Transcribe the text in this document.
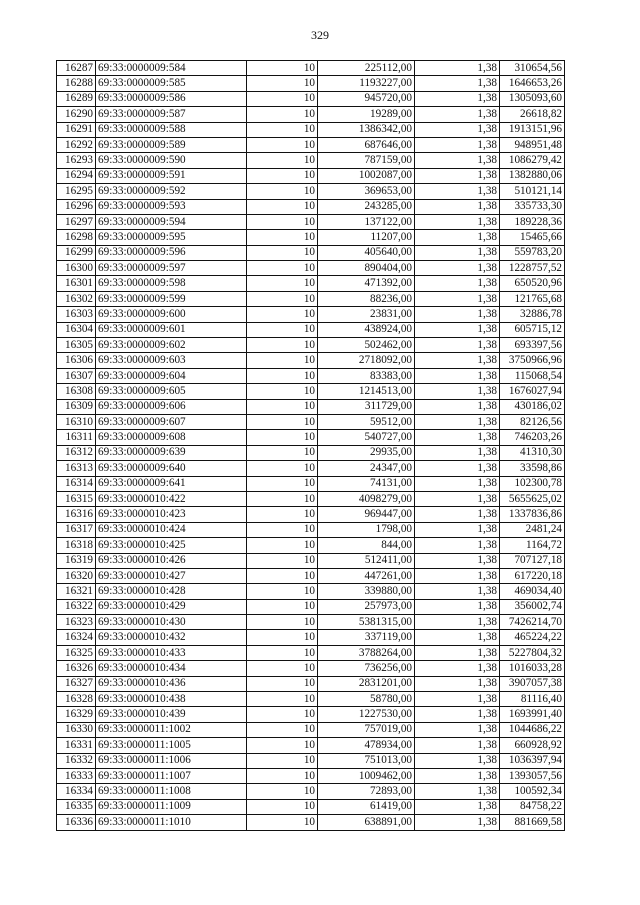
329
16287	69:33:0000009:584	10	225112,00	1,38	310654,56
16288	69:33:0000009:585	10	1193227,00	1,38	1646653,26
16289	69:33:0000009:586	10	945720,00	1,38	1305093,60
16290	69:33:0000009:587	10	19289,00	1,38	26618,82
16291	69:33:0000009:588	10	1386342,00	1,38	1913151,96
16292	69:33:0000009:589	10	687646,00	1,38	948951,48
16293	69:33:0000009:590	10	787159,00	1,38	1086279,42
16294	69:33:0000009:591	10	1002087,00	1,38	1382880,06
16295	69:33:0000009:592	10	369653,00	1,38	510121,14
16296	69:33:0000009:593	10	243285,00	1,38	335733,30
16297	69:33:0000009:594	10	137122,00	1,38	189228,36
16298	69:33:0000009:595	10	11207,00	1,38	15465,66
16299	69:33:0000009:596	10	405640,00	1,38	559783,20
16300	69:33:0000009:597	10	890404,00	1,38	1228757,52
16301	69:33:0000009:598	10	471392,00	1,38	650520,96
16302	69:33:0000009:599	10	88236,00	1,38	121765,68
16303	69:33:0000009:600	10	23831,00	1,38	32886,78
16304	69:33:0000009:601	10	438924,00	1,38	605715,12
16305	69:33:0000009:602	10	502462,00	1,38	693397,56
16306	69:33:0000009:603	10	2718092,00	1,38	3750966,96
16307	69:33:0000009:604	10	83383,00	1,38	115068,54
16308	69:33:0000009:605	10	1214513,00	1,38	1676027,94
16309	69:33:0000009:606	10	311729,00	1,38	430186,02
16310	69:33:0000009:607	10	59512,00	1,38	82126,56
16311	69:33:0000009:608	10	540727,00	1,38	746203,26
16312	69:33:0000009:639	10	29935,00	1,38	41310,30
16313	69:33:0000009:640	10	24347,00	1,38	33598,86
16314	69:33:0000009:641	10	74131,00	1,38	102300,78
16315	69:33:0000010:422	10	4098279,00	1,38	5655625,02
16316	69:33:0000010:423	10	969447,00	1,38	1337836,86
16317	69:33:0000010:424	10	1798,00	1,38	2481,24
16318	69:33:0000010:425	10	844,00	1,38	1164,72
16319	69:33:0000010:426	10	512411,00	1,38	707127,18
16320	69:33:0000010:427	10	447261,00	1,38	617220,18
16321	69:33:0000010:428	10	339880,00	1,38	469034,40
16322	69:33:0000010:429	10	257973,00	1,38	356002,74
16323	69:33:0000010:430	10	5381315,00	1,38	7426214,70
16324	69:33:0000010:432	10	337119,00	1,38	465224,22
16325	69:33:0000010:433	10	3788264,00	1,38	5227804,32
16326	69:33:0000010:434	10	736256,00	1,38	1016033,28
16327	69:33:0000010:436	10	2831201,00	1,38	3907057,38
16328	69:33:0000010:438	10	58780,00	1,38	81116,40
16329	69:33:0000010:439	10	1227530,00	1,38	1693991,40
16330	69:33:0000011:1002	10	757019,00	1,38	1044686,22
16331	69:33:0000011:1005	10	478934,00	1,38	660928,92
16332	69:33:0000011:1006	10	751013,00	1,38	1036397,94
16333	69:33:0000011:1007	10	1009462,00	1,38	1393057,56
16334	69:33:0000011:1008	10	72893,00	1,38	100592,34
16335	69:33:0000011:1009	10	61419,00	1,38	84758,22
16336	69:33:0000011:1010	10	638891,00	1,38	881669,58
